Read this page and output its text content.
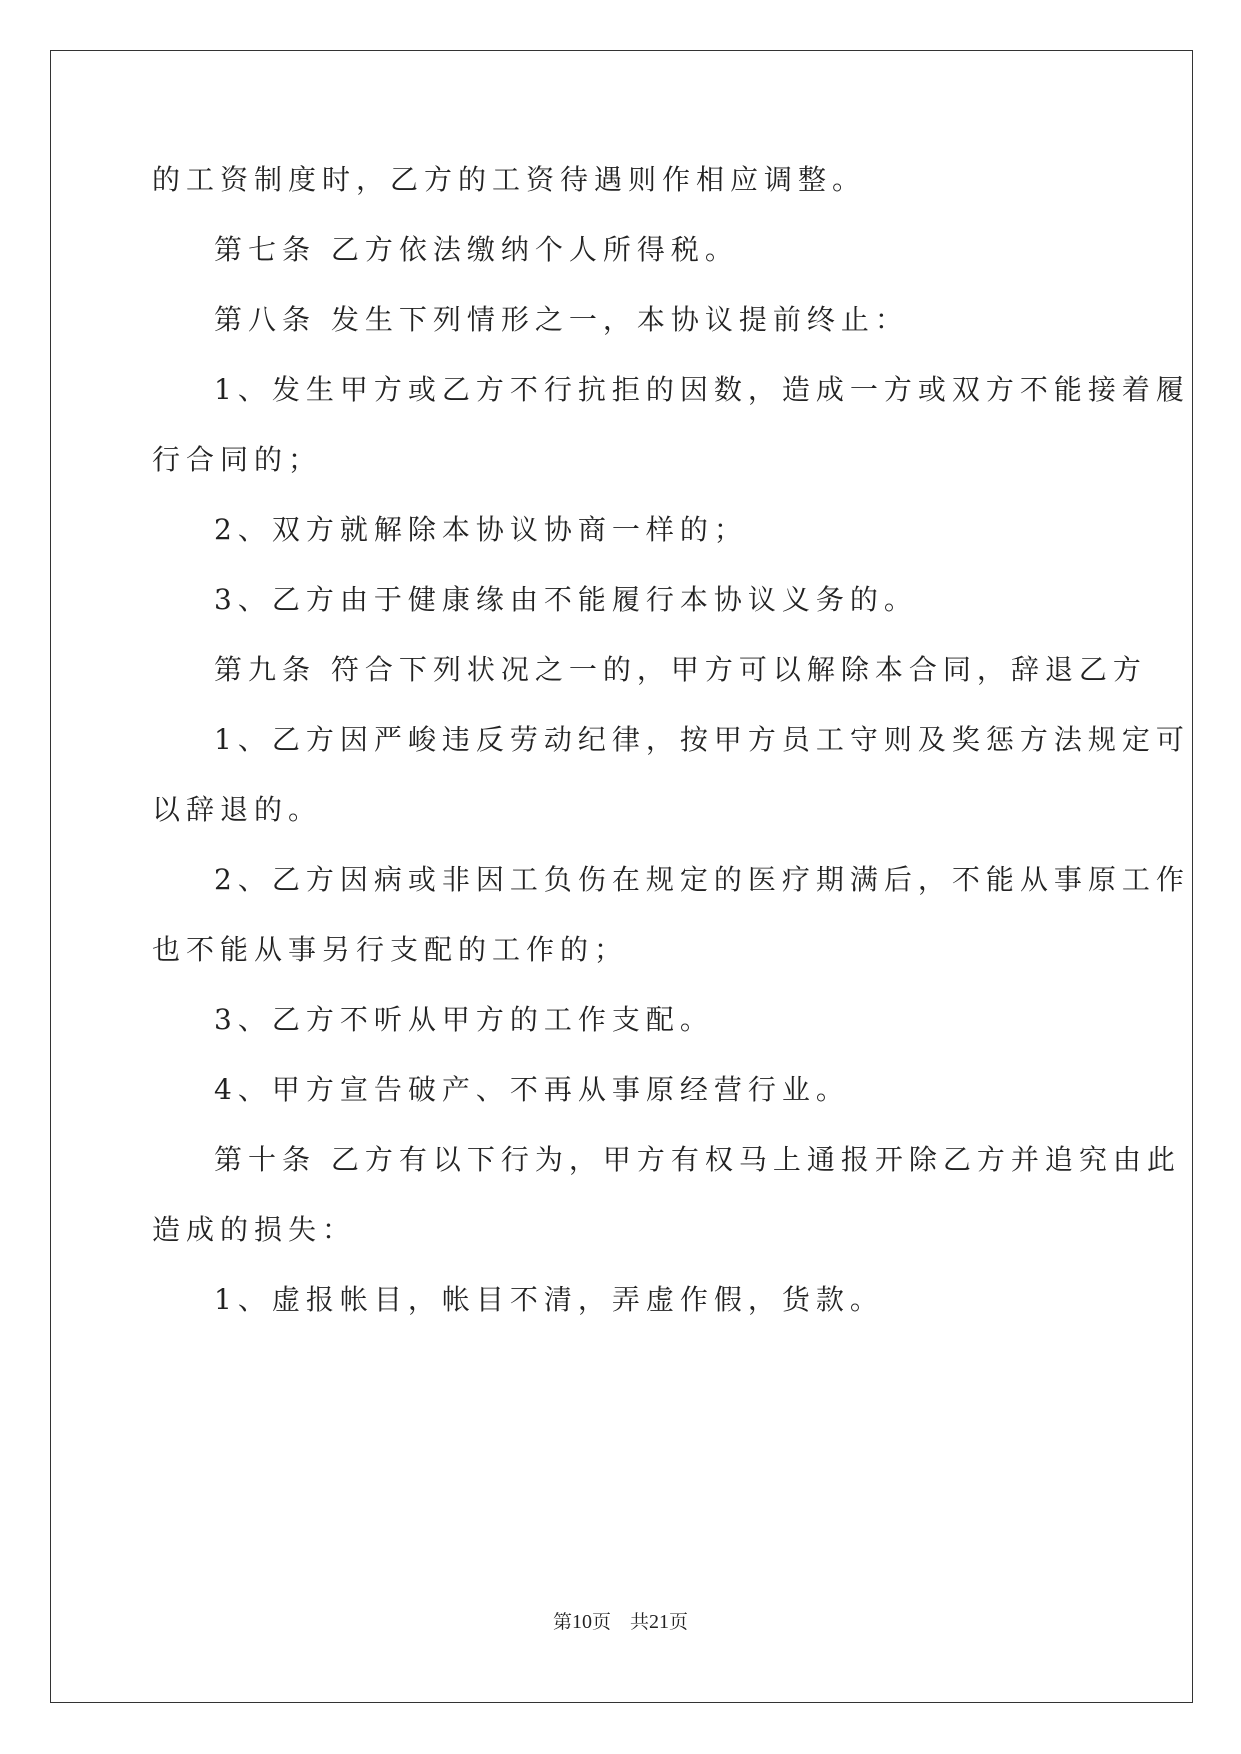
的工资制度时，乙方的工资待遇则作相应调整。
第七条 乙方依法缴纳个人所得税。
第八条 发生下列情形之一，本协议提前终止：
1、发生甲方或乙方不行抗拒的因数，造成一方或双方不能接着履
行合同的；
2、双方就解除本协议协商一样的；
3、乙方由于健康缘由不能履行本协议义务的。
第九条 符合下列状况之一的，甲方可以解除本合同，辞退乙方
1、乙方因严峻违反劳动纪律，按甲方员工守则及奖惩方法规定可
以辞退的。
2、乙方因病或非因工负伤在规定的医疗期满后，不能从事原工作
也不能从事另行支配的工作的；
3、乙方不听从甲方的工作支配。
4、甲方宣告破产、不再从事原经营行业。
第十条 乙方有以下行为，甲方有权马上通报开除乙方并追究由此
造成的损失：
1、虚报帐目，帐目不清，弄虚作假，货款。
第10页　共21页
